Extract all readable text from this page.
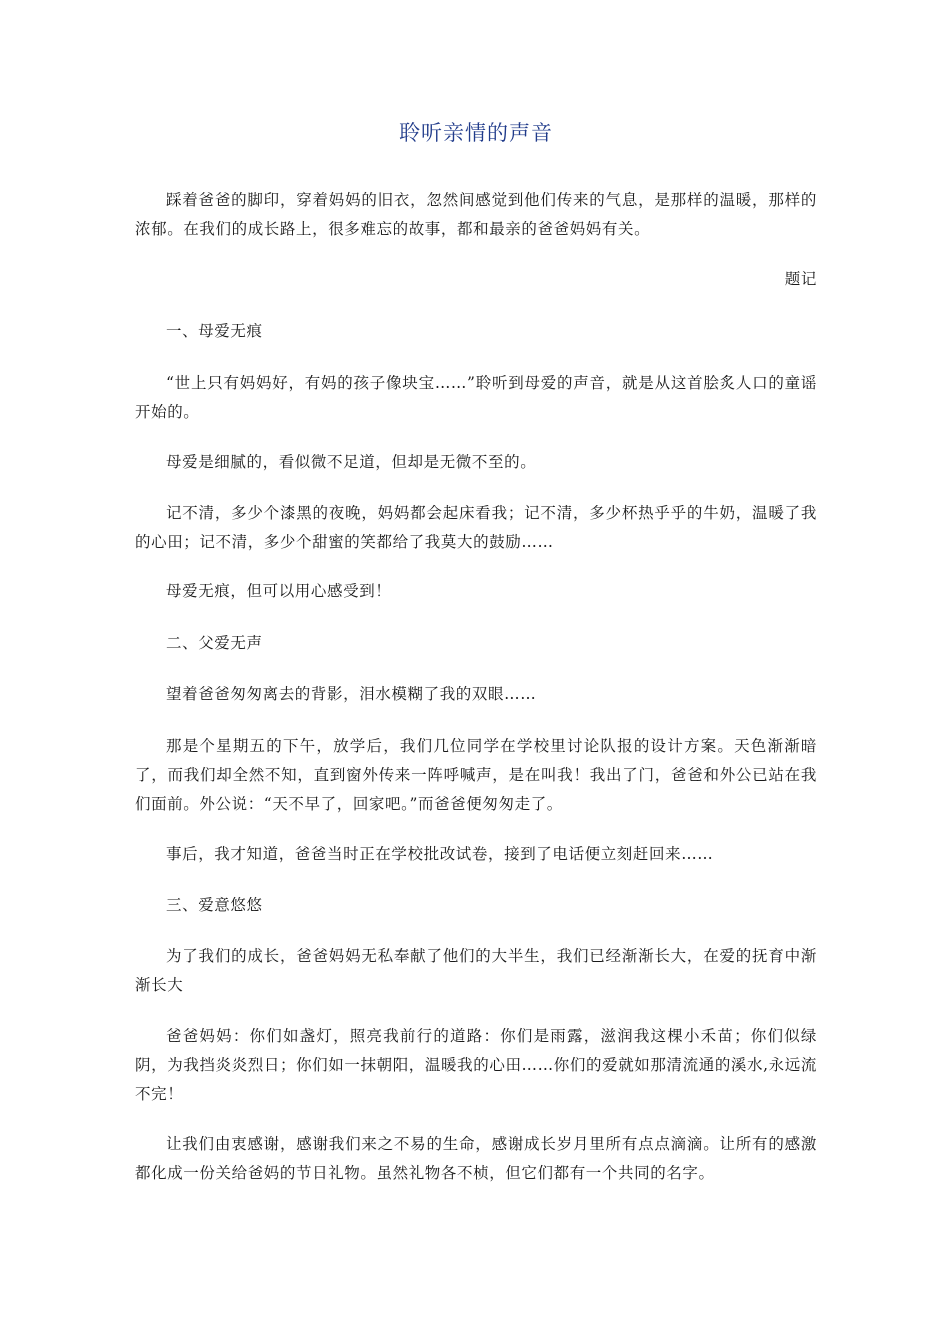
聆听亲情的声音

踩着爸爸的脚印，穿着妈妈的旧衣，忽然间感觉到他们传来的气息，是那样的温暖，那样的浓郁。在我们的成长路上，很多难忘的故事，都和最亲的爸爸妈妈有关。

题记

一、母爱无痕

“世上只有妈妈好，有妈的孩子像块宝……”聆听到母爱的声音，就是从这首脍炙人口的童谣开始的。

母爱是细腻的，看似微不足道，但却是无微不至的。

记不清，多少个漆黑的夜晚，妈妈都会起床看我；记不清，多少杯热乎乎的牛奶，温暖了我的心田；记不清，多少个甜蜜的笑都给了我莫大的鼓励……

母爱无痕，但可以用心感受到！

二、父爱无声

望着爸爸匆匆离去的背影，泪水模糊了我的双眼……

那是个星期五的下午，放学后，我们几位同学在学校里讨论队报的设计方案。天色渐渐暗了，而我们却全然不知，直到窗外传来一阵呼喊声，是在叫我！我出了门，爸爸和外公已站在我们面前。外公说：“天不早了，回家吧。”而爸爸便匆匆走了。

事后，我才知道，爸爸当时正在学校批改试卷，接到了电话便立刻赶回来……

三、爱意悠悠

为了我们的成长，爸爸妈妈无私奉献了他们的大半生，我们已经渐渐长大，在爱的抚育中渐渐长大

爸爸妈妈：你们如盏灯，照亮我前行的道路：你们是雨露，滋润我这棵小禾苗；你们似绿阴，为我挡炎炎烈日；你们如一抹朝阳，温暖我的心田……你们的爱就如那清流通的溪水,永远流不完！

让我们由衷感谢，感谢我们来之不易的生命，感谢成长岁月里所有点点滴滴。让所有的感激都化成一份关给爸妈的节日礼物。虽然礼物各不桢，但它们都有一个共同的名字。
